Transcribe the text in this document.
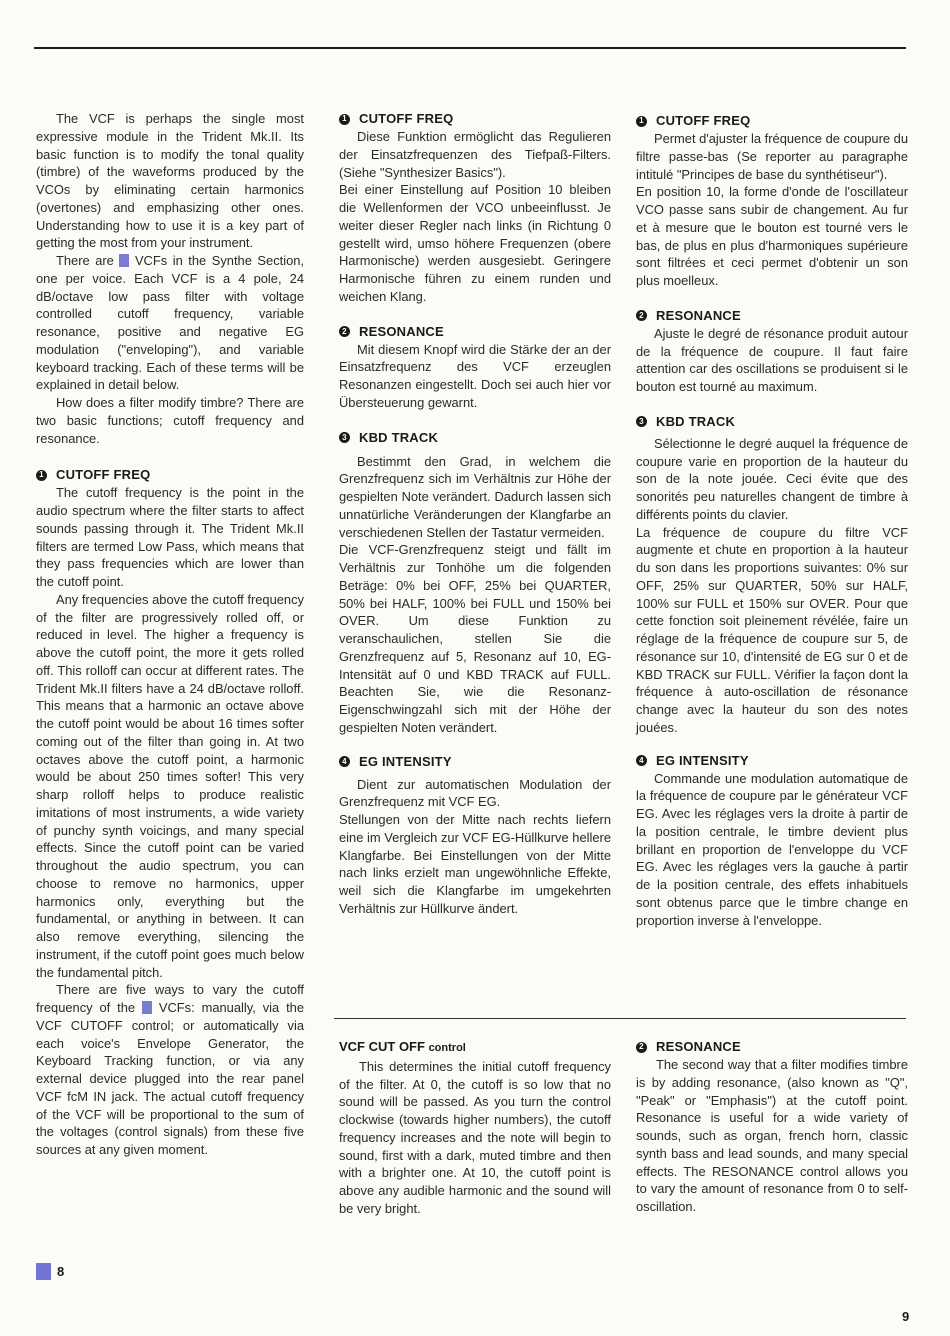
The VCF is perhaps the single most expressive module in the Trident Mk.II. Its basic function is to modify the tonal quality (timbre) of the waveforms produced by the VCOs by eliminating certain harmonics (overtones) and emphasizing other ones. Understanding how to use it is a key part of getting the most from your instrument.

There are VCFs in the Synthe Section, one per voice. Each VCF is a 4 pole, 24 dB/octave low pass filter with voltage controlled cutoff frequency, variable resonance, positive and negative EG modulation ("enveloping"), and variable keyboard tracking. Each of these terms will be explained in detail below.

How does a filter modify timbre? There are two basic functions; cutoff frequency and resonance.

1 CUTOFF FREQ

The cutoff frequency is the point in the audio spectrum where the filter starts to affect sounds passing through it. The Trident Mk.II filters are termed Low Pass, which means that they pass frequencies which are lower than the cutoff point.

Any frequencies above the cutoff frequency of the filter are progressively rolled off, or reduced in level. The higher a frequency is above the cutoff point, the more it gets rolled off. This rolloff can occur at different rates. The Trident Mk.II filters have a 24 dB/octave rolloff. This means that a harmonic an octave above the cutoff point would be about 16 times softer coming out of the filter than going in. At two octaves above the cutoff point, a harmonic would be about 250 times softer! This very sharp rolloff helps to produce realistic imitations of most instruments, a wide variety of punchy synth voicings, and many special effects. Since the cutoff point can be varied throughout the audio spectrum, you can choose to remove no harmonics, upper harmonics only, everything but the fundamental, or anything in between. It can also remove everything, silencing the instrument, if the cutoff point goes much below the fundamental pitch.

There are five ways to vary the cutoff frequency of the VCFs: manually, via the VCF CUTOFF control; or automatically via each voice's Envelope Generator, the Keyboard Tracking function, or via any external device plugged into the rear panel VCF fcM IN jack. The actual cutoff frequency of the VCF will be proportional to the sum of the voltages (control signals) from these five sources at any given moment.

1 CUTOFF FREQ

Diese Funktion ermöglicht das Regulieren der Einsatzfrequenzen des Tiefpaß-Filters. (Siehe "Synthesizer Basics").

Bei einer Einstellung auf Position 10 bleiben die Wellenformen der VCO unbeeinflusst. Je weiter dieser Regler nach links (in Richtung 0 gestellt wird, umso höhere Frequenzen (obere Harmonische) werden ausgesiebt. Geringere Harmonische führen zu einem runden und weichen Klang.

2 RESONANCE

Mit diesem Knopf wird die Stärke der an der Einsatzfrequenz des VCF erzeuglen Resonanzen eingestellt. Doch sei auch hier vor Übersteuerung gewarnt.

3 KBD TRACK

Bestimmt den Grad, in welchem die Grenzfrequenz sich im Verhältnis zur Höhe der gespielten Note verändert. Dadurch lassen sich unnatürliche Veränderungen der Klangfarbe an verschiedenen Stellen der Tastatur vermeiden.

Die VCF-Grenzfrequenz steigt und fällt im Verhältnis zur Tonhöhe um die folgenden Beträge: 0% bei OFF, 25% bei QUARTER, 50% bei HALF, 100% bei FULL und 150% bei OVER. Um diese Funktion zu veranschaulichen, stellen Sie die Grenzfrequenz auf 5, Resonanz auf 10, EG-Intensität auf 0 und KBD TRACK auf FULL. Beachten Sie, wie die Resonanz-Eigenschwingzahl sich mit der Höhe der gespielten Noten verändert.

4 EG INTENSITY

Dient zur automatischen Modulation der Grenzfrequenz mit VCF EG.

Stellungen von der Mitte nach rechts liefern eine im Vergleich zur VCF EG-Hüllkurve hellere Klangfarbe. Bei Einstellungen von der Mitte nach links erzielt man ungewöhnliche Effekte, weil sich die Klangfarbe im umgekehrten Verhältnis zur Hüllkurve ändert.

1 CUTOFF FREQ

Permet d'ajuster la fréquence de coupure du filtre passe-bas (Se reporter au paragraphe intitulé "Principes de base du synthétiseur").

En position 10, la forme d'onde de l'oscillateur VCO passe sans subir de changement. Au fur et à mesure que le bouton est tourné vers le bas, de plus en plus d'harmoniques supérieure sont filtrées et ceci permet d'obtenir un son plus moelleux.

2 RESONANCE

Ajuste le degré de résonance produit autour de la fréquence de coupure. Il faut faire attention car des oscillations se produisent si le bouton est tourné au maximum.

3 KBD TRACK

Sélectionne le degré auquel la fréquence de coupure varie en proportion de la hauteur du son de la note jouée. Ceci évite que des sonorités peu naturelles changent de timbre à différents points du clavier.

La fréquence de coupure du filtre VCF augmente et chute en proportion à la hauteur du son dans les proportions suivantes: 0% sur OFF, 25% sur QUARTER, 50% sur HALF, 100% sur FULL et 150% sur OVER. Pour que cette fonction soit pleinement révélée, faire un réglage de la fréquence de coupure sur 5, de résonance sur 10, d'intensité de EG sur 0 et de KBD TRACK sur FULL. Vérifier la façon dont la fréquence à auto-oscillation de résonance change avec la hauteur du son des notes jouées.

4 EG INTENSITY

Commande une modulation automatique de la fréquence de coupure par le générateur VCF EG. Avec les réglages vers la droite à partir de la position centrale, le timbre devient plus brillant en proportion de l'enveloppe du VCF EG. Avec les réglages vers la gauche à partir de la position centrale, des effets inhabituels sont obtenus parce que le timbre change en proportion inverse à l'enveloppe.

VCF CUT OFF control

This determines the initial cutoff frequency of the filter. At 0, the cutoff is so low that no sound will be passed. As you turn the control clockwise (towards higher numbers), the cutoff frequency increases and the note will begin to sound, first with a dark, muted timbre and then with a brighter one. At 10, the cutoff point is above any audible harmonic and the sound will be very bright.

2 RESONANCE

The second way that a filter modifies timbre is by adding resonance, (also known as "Q", "Peak" or "Emphasis") at the cutoff point. Resonance is useful for a wide variety of sounds, such as organ, french horn, classic synth bass and lead sounds, and many special effects. The RESONANCE control allows you to vary the amount of resonance from 0 to self-oscillation.

8
9
